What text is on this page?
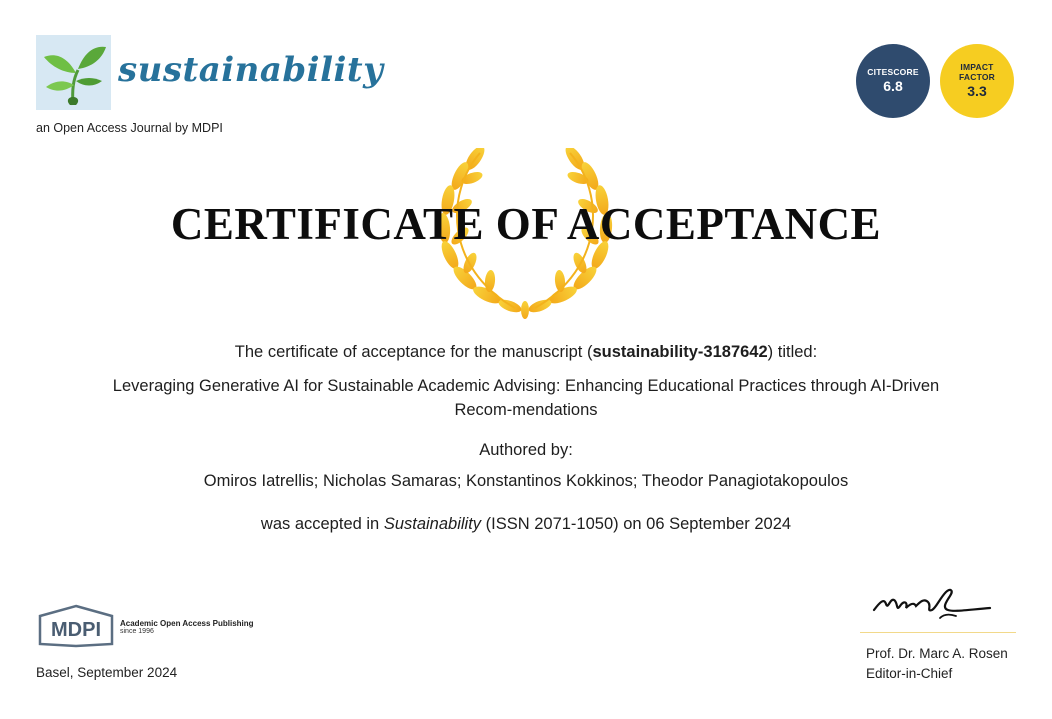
sustainability
an Open Access Journal by MDPI
CITESCORE
6.8
IMPACT
FACTOR
3.3
CERTIFICATE OF ACCEPTANCE
The certificate of acceptance for the manuscript (sustainability-3187642) titled:
Leveraging Generative AI for Sustainable Academic Advising: Enhancing Educational Practices through AI-Driven Recom-mendations
Authored by:
Omiros Iatrellis; Nicholas Samaras; Konstantinos Kokkinos; Theodor Panagiotakopoulos
was accepted in Sustainability (ISSN 2071-1050) on 06 September 2024
MDPI Academic Open Access Publishing
since 1996
Basel, September 2024
Prof. Dr. Marc A. Rosen
Editor-in-Chief
